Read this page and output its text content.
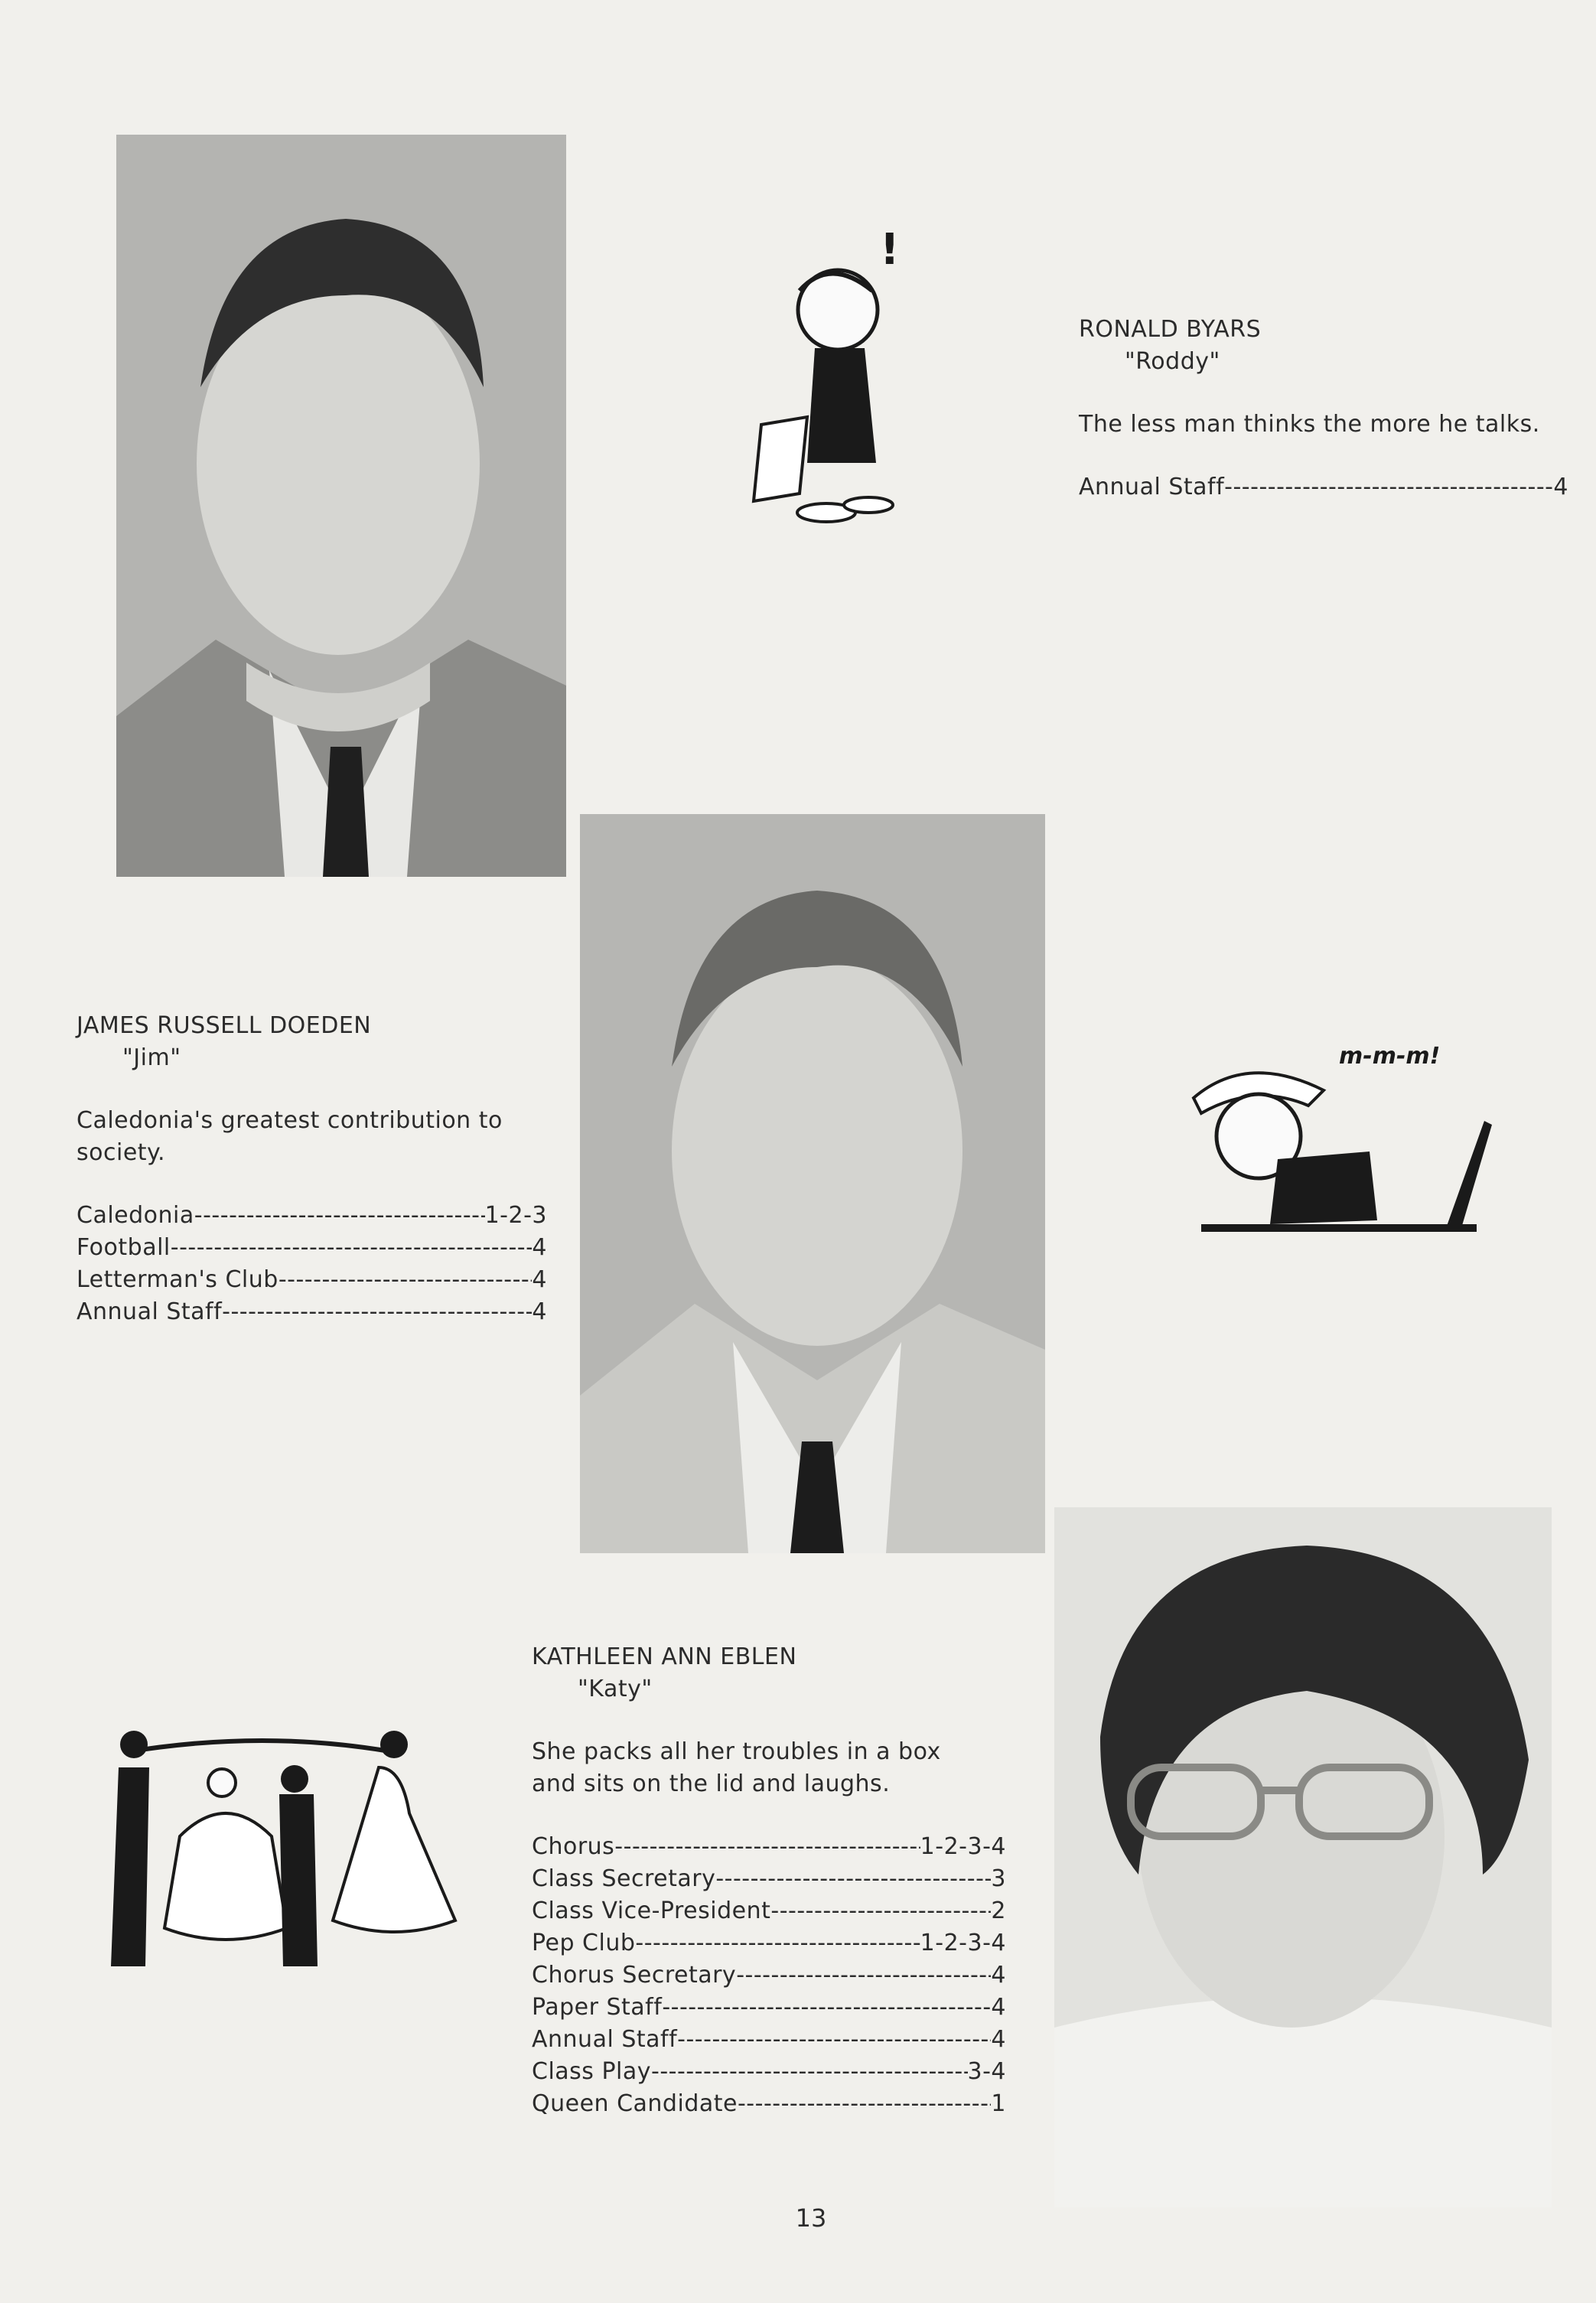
!
m-m-m!
RONALD BYARS
"Roddy"
The less man thinks the more he talks.
Annual Staff -----	4
JAMES RUSSELL DOEDEN
"Jim"
Caledonia's greatest contribution to society.
Caledonia -----	1-2-3
Football -----	4
Letterman's Club -----	4
Annual Staff -----	4
KATHLEEN ANN EBLEN
"Katy"
She packs all her troubles in a box and sits on the lid and laughs.
Chorus -----	1-2-3-4
Class Secretary -----	3
Class Vice-President -----	2
Pep Club -----	1-2-3-4
Chorus Secretary -----	4
Paper Staff -----	4
Annual Staff -----	4
Class Play -----	3-4
Queen Candidate -----	1
13
